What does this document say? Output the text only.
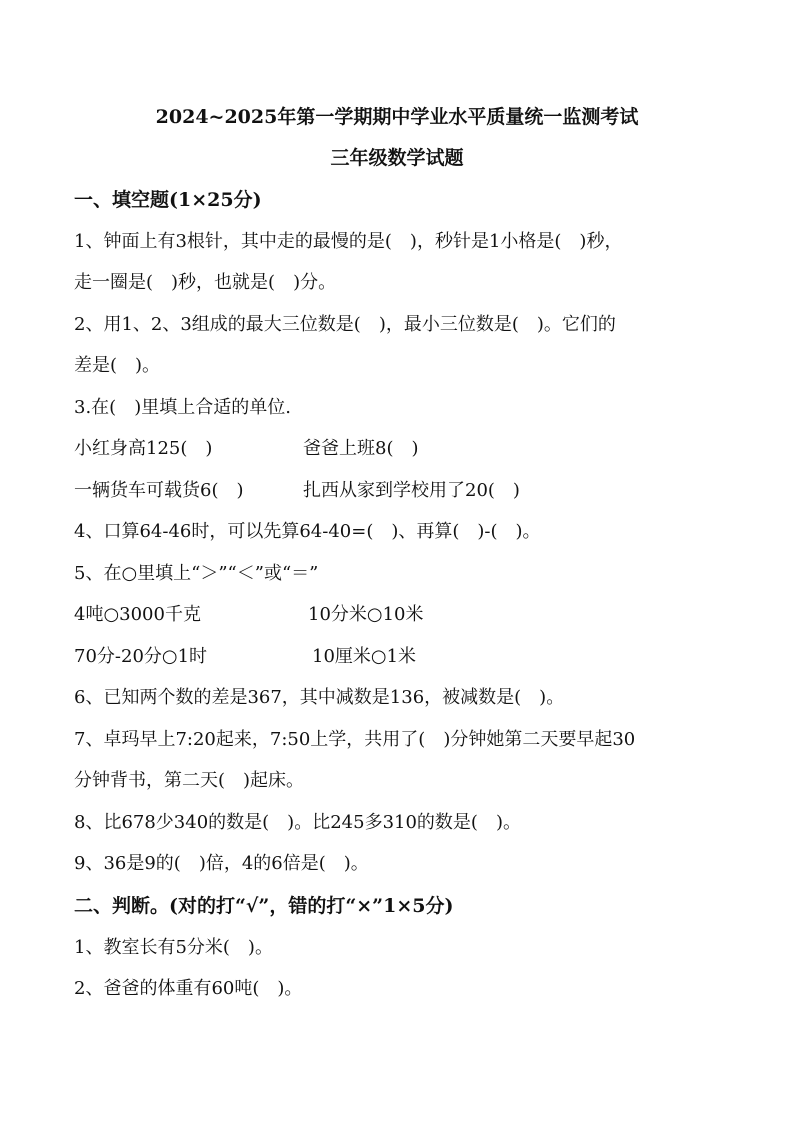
2024~2025年第一学期期中学业水平质量统一监测考试
三年级数学试题
一、填空题(1×25分)
1、钟面上有3根针，其中走的最慢的是(　)，秒针是1小格是(　)秒，
走一圈是(　)秒，也就是(　)分。
2、用1、2、3组成的最大三位数是(　)，最小三位数是(　)。它们的
差是(　)。
3.在(　)里填上合适的单位.
小红身高125(　)	爸爸上班8(　)
一辆货车可载货6(　)	扎西从家到学校用了20(　)
4、口算64-46时，可以先算64-40=(　)、再算(　)-(　)。
5、在○里填上“＞”“＜”或“＝”
4吨○3000千克	10分米○10米
70分-20分○1时	10厘米○1米
6、已知两个数的差是367，其中减数是136，被减数是(　)。
7、卓玛早上7:20起来，7:50上学，共用了(　)分钟她第二天要早起30
分钟背书，第二天(　)起床。
8、比678少340的数是(　)。比245多310的数是(　)。
9、36是9的(　)倍，4的6倍是(　)。
二、判断。(对的打“√”，错的打“×”1×5分)
1、教室长有5分米(　)。
2、爸爸的体重有60吨(　)。
